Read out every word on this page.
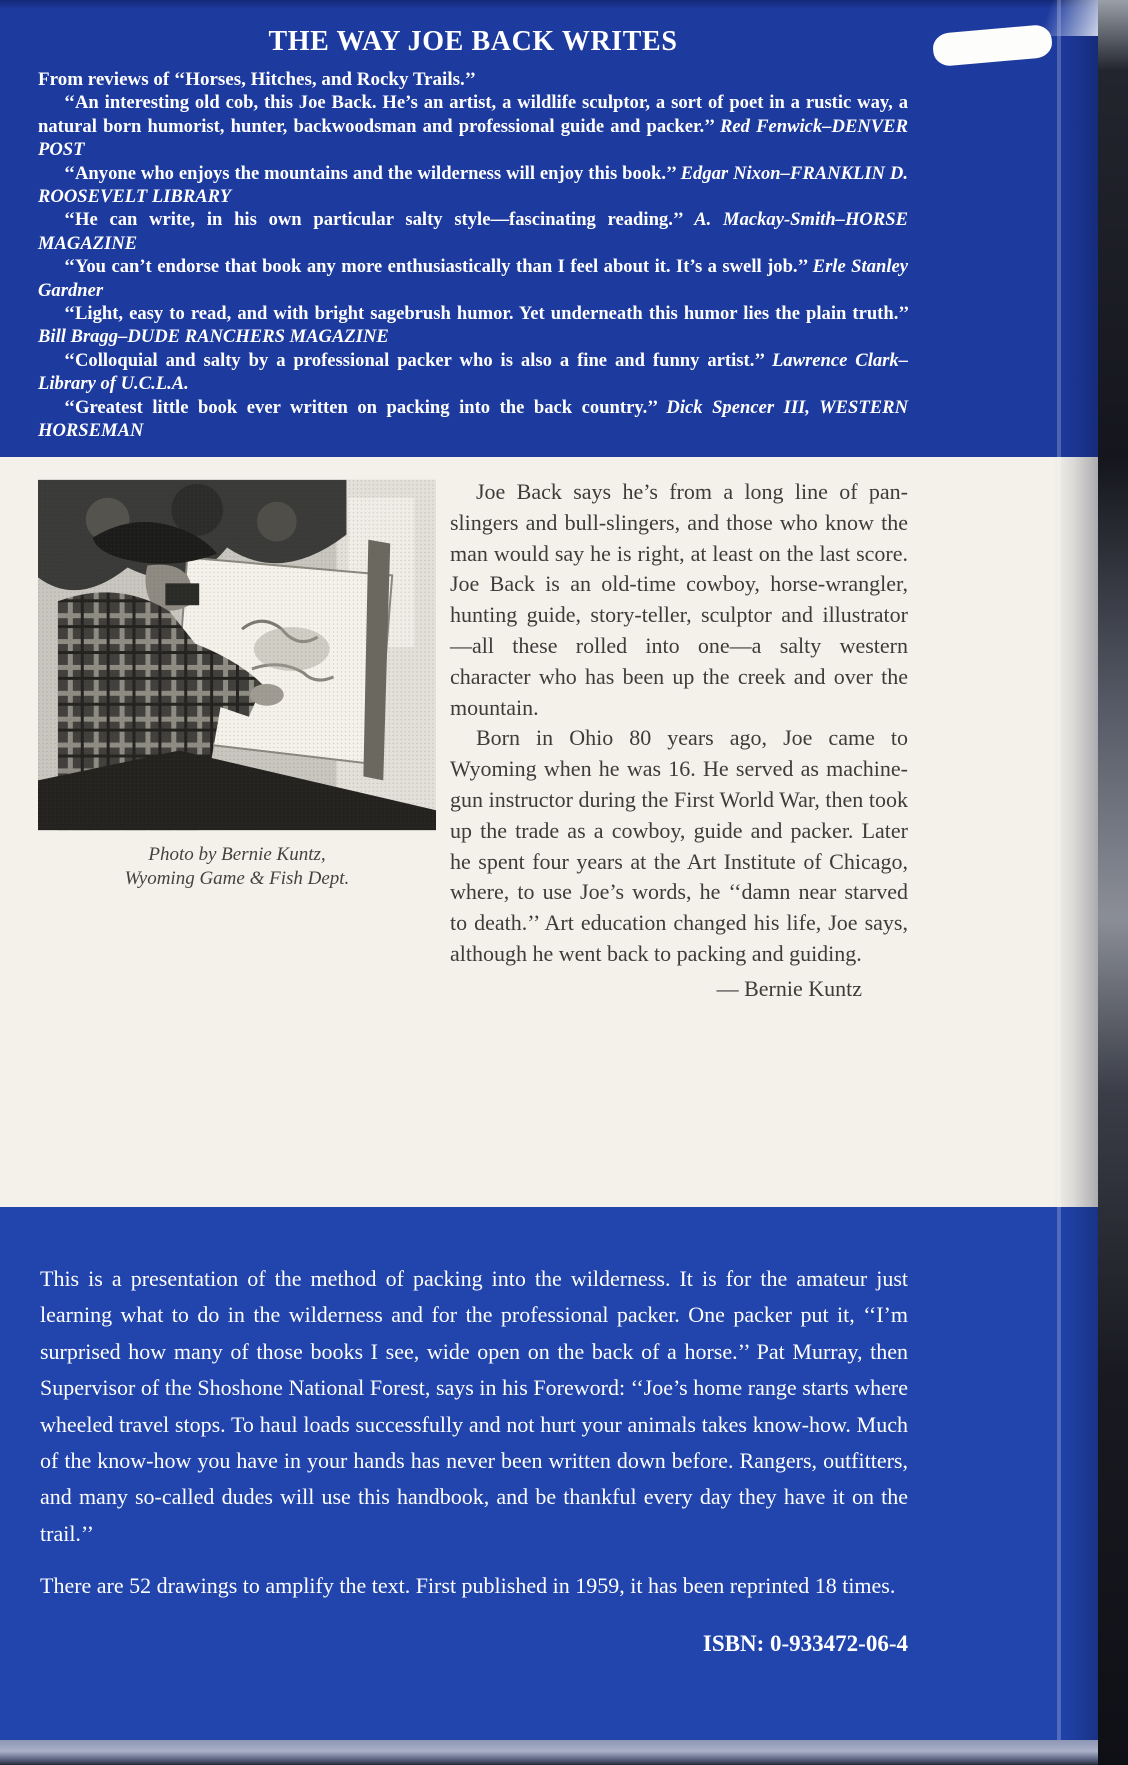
THE WAY JOE BACK WRITES
From reviews of ‘‘Horses, Hitches, and Rocky Trails.’’

‘‘An interesting old cob, this Joe Back. He’s an artist, a wildlife sculptor, a sort of poet in a rustic way, a natural born humorist, hunter, backwoodsman and professional guide and packer.’’ Red Fenwick–DENVER POST

‘‘Anyone who enjoys the mountains and the wilderness will enjoy this book.’’ Edgar Nixon–FRANKLIN D. ROOSEVELT LIBRARY

‘‘He can write, in his own particular salty style—fascinating reading.’’ A. Mackay-Smith–HORSE MAGAZINE

‘‘You can’t endorse that book any more enthusiastically than I feel about it. It’s a swell job.’’ Erle Stanley Gardner

‘‘Light, easy to read, and with bright sagebrush humor. Yet underneath this humor lies the plain truth.’’ Bill Bragg–DUDE RANCHERS MAGAZINE

‘‘Colloquial and salty by a professional packer who is also a fine and funny artist.’’ Lawrence Clark–Library of U.C.L.A.

‘‘Greatest little book ever written on packing into the back country.’’ Dick Spencer III, WESTERN HORSEMAN

Photo by Bernie Kuntz,
Wyoming Game & Fish Dept.

Joe Back says he’s from a long line of pan-slingers and bull-slingers, and those who know the man would say he is right, at least on the last score. Joe Back is an old-time cowboy, horse-wrangler, hunting guide, story-teller, sculptor and illustrator—all these rolled into one—a salty western character who has been up the creek and over the mountain.

Born in Ohio 80 years ago, Joe came to Wyoming when he was 16. He served as machine-gun instructor during the First World War, then took up the trade as a cowboy, guide and packer. Later he spent four years at the Art Institute of Chicago, where, to use Joe’s words, he ‘‘damn near starved to death.’’ Art education changed his life, Joe says, although he went back to packing and guiding.

— Bernie Kuntz

This is a presentation of the method of packing into the wilderness. It is for the amateur just learning what to do in the wilderness and for the professional packer. One packer put it, ‘‘I’m surprised how many of those books I see, wide open on the back of a horse.’’ Pat Murray, then Supervisor of the Shoshone National Forest, says in his Foreword: ‘‘Joe’s home range starts where wheeled travel stops. To haul loads successfully and not hurt your animals takes know-how. Much of the know-how you have in your hands has never been written down before. Rangers, outfitters, and many so-called dudes will use this handbook, and be thankful every day they have it on the trail.’’

There are 52 drawings to amplify the text. First published in 1959, it has been reprinted 18 times.

ISBN: 0-933472-06-4
